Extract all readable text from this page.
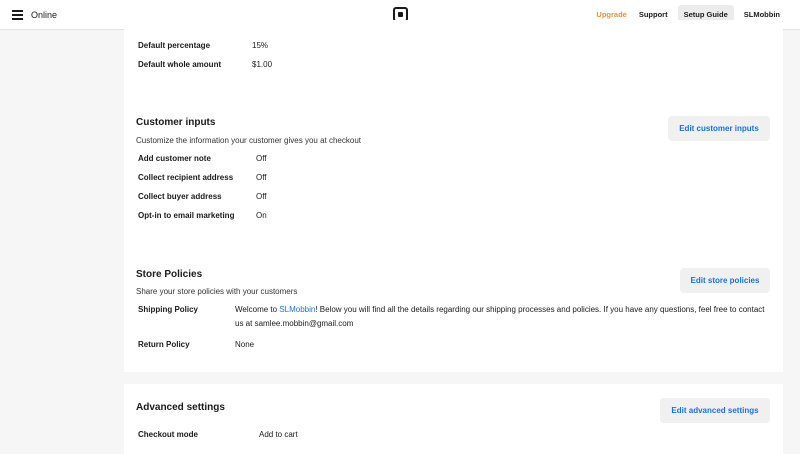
Online	Upgrade	Support	Setup Guide	SLMobbin
Default percentage	15%
Default whole amount	$1.00
Customer inputs
Customize the information your customer gives you at checkout
Edit customer inputs
Add customer note	Off
Collect recipient address	Off
Collect buyer address	Off
Opt-in to email marketing	On
Store Policies
Share your store policies with your customers
Edit store policies
Shipping Policy	Welcome to SLMobbin! Below you will find all the details regarding our shipping processes and policies. If you have any questions, feel free to contact us at samlee.mobbin@gmail.com
Return Policy	None
Advanced settings	Edit advanced settings
Checkout mode	Add to cart
